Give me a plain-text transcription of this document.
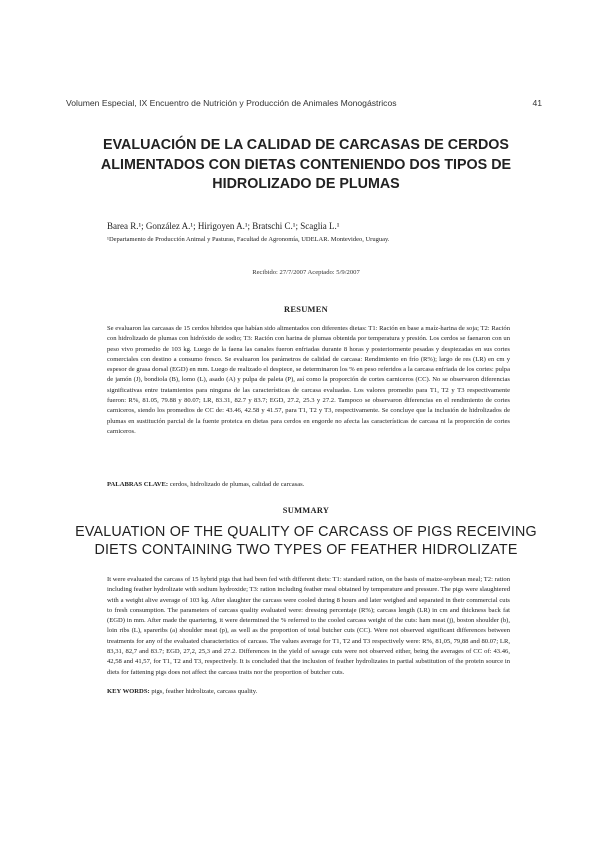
Volumen Especial, IX Encuentro de Nutrición y Producción de Animales Monogástricos	41
EVALUACIÓN DE LA CALIDAD DE CARCASAS DE CERDOS ALIMENTADOS CON DIETAS CONTENIENDO DOS TIPOS DE HIDROLIZADO DE PLUMAS
Barea R.¹; González A.¹; Hirigoyen A.¹; Bratschi C.¹; Scaglia L.¹
¹Departamento de Producción Animal y Pasturas, Facultad de Agronomía, UDELAR. Montevideo, Uruguay.
Recibido: 27/7/2007 Aceptado: 5/9/2007
RESUMEN
Se evaluaron las carcasas de 15 cerdos híbridos que habían sido alimentados con diferentes dietas: T1: Ración en base a maíz-harina de soja; T2: Ración con hidrolizado de plumas con hidróxido de sodio; T3: Ración con harina de plumas obtenida por temperatura y presión. Los cerdos se faenaron con un peso vivo promedio de 103 kg. Luego de la faena las canales fueron enfriadas durante 8 horas y posteriormente pesadas y despiezadas en sus cortes comerciales con destino a consumo fresco. Se evaluaron los parámetros de calidad de carcasa: Rendimiento en frío (R%); largo de res (LR) en cm y espesor de grasa dorsal (EGD) en mm. Luego de realizado el despiece, se determinaron los % en peso referidos a la carcasa enfriada de los cortes: pulpa de jamón (J), bondiola (B), lomo (L), asado (A) y pulpa de paleta (P), así como la proporción de cortes carniceros (CC). No se observaron diferencias significativas entre tratamientos para ninguna de las características de carcasa evaluadas. Los valores promedio para T1, T2 y T3 respectivamente fueron: R%, 81.05, 79.88 y 80.07; LR, 83.31, 82.7 y 83.7; EGD, 27.2, 25.3 y 27.2. Tampoco se observaron diferencias en el rendimiento de cortes carniceros, siendo los promedios de CC de: 43.46, 42.58 y 41.57, para T1, T2 y T3, respectivamente. Se concluye que la inclusión de hidrolizados de plumas en sustitución parcial de la fuente proteica en dietas para cerdos en engorde no afecta las características de carcasa ni la proporción de cortes carniceros.
PALABRAS CLAVE: cerdos, hidrolizado de plumas, calidad de carcasas.
SUMMARY
EVALUATION OF THE QUALITY OF CARCASS OF PIGS RECEIVING DIETS CONTAINING TWO TYPES OF FEATHER HIDROLIZATE
It were evaluated the carcass of 15 hybrid pigs that had been fed with different diets: T1: standard ration, on the basis of maize-soybean meal; T2: ration including feather hydrolizate with sodium hydroxide; T3: ration including feather meal obtained by temperature and pressure. The pigs were slaughtered with a weight alive average of 103 kg. After slaughter the carcass were cooled during 8 hours and later weighed and separated in their commercial cuts to fresh consumption. The parameters of carcass quality evaluated were: dressing percentaje (R%); carcass length (LR) in cm and thickness back fat (EGD) in mm. After made the quartering, it were determined the % referred to the cooled carcass weight of the cuts: ham meat (j), boston shoulder (b), loin ribs (L), spareribs (a) shoulder meat (p), as well as the proportion of total butcher cuts (CC). Were not observed significant differences between treatments for any of the evaluated characteristics of carcass. The values average for T1, T2 and T3 respectively were: R%, 81,05, 79,88 and 80.07; LR, 83,31, 82,7 and 83.7; EGD, 27,2, 25,3 and 27.2. Differences in the yield of savage cuts were not observed either, being the averages of CC of: 43.46, 42,58 and 41,57, for T1, T2 and T3, respectively. It is concluded that the inclusion of feather hydrolizates in partial substitution of the protein source in diets for fattening pigs does not affect the carcass traits nor the proportion of butcher cuts.
KEY WORDS: pigs, feather hidrolizate, carcass quality.
